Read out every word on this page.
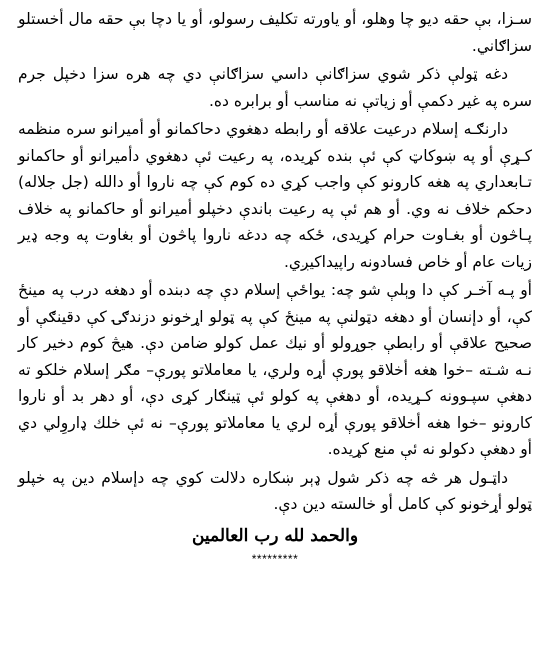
سـزا، بې حقه ديو چا وهلو، أو ياورته تكليف رسولو، أو يا دچا بې حقه مال أخستلو سزاګاني.

دغه ټولې ذكر شوي سزاګانې داسي سزاګانې دي چه هره سزا دخپل جرم سره په غير دكمې أو زياتې نه مناسب أو برابره ده.

دارنګـه إسلام درعيت علاقه أو رابطه دهغوي دحاكمانو أو أميرانو سره منظمه كـړې أو په ښوكاټ كې ئې بنده كړيده، په رعيت ئې دهغوي دأميرانو أو حاكمانو تـابعداري په هغه كارونو كې واجب كړي ده كوم كې چه ناروا أو دالله (جل جلاله) دحكم خلاف نه وي. أو هم ئې په رعيت باندې دخپلو أميرانو أو حاكمانو په خلاف پـاڅون أو بغـاوت حرام كړيدى، ځكه چه ددغه ناروا پاڅون أو بغاوت په وجه ډير زيات عام أو خاص فسادونه راپيداكيږي.

أو پـه آخـر كې دا وېلې شو چه: يواځې إسلام دې چه دبنده أو دهغه درب په مينځ كې، أو دإنسان أو دهغه دټولنې په مينځ كې په ټولو اړخونو دزندګۍ كې دقينګې أو صحيح علاقې أو رابطې جوړولو أو نيك عمل كولو ضامن دې. هيڅ كوم دخير كار نـه شـته –خوا هغه أخلاقو پورې أړه ولري، يا معاملاتو پورې– مګر إسلام خلكو ته دهغې سپـوونه كـړيده، أو دهغې په كولو ئې ټينګار كړى دې، أو دهر بد أو ناروا كارونو –خوا هغه أخلاقو پورې أړه لري يا معاملاتو پورې– نه ئې خلك ډاروِلي دي أو دهغې دكولو نه ئې منع كړيده.

داټـول هر څه چه ذكر شول ډېر ښكاره دلالت كوي چه دإسلام دين په خپلو ټولو أړخونو كې كامل أو خالسته دين دې.

والحمد لله رب العالمين
*********
